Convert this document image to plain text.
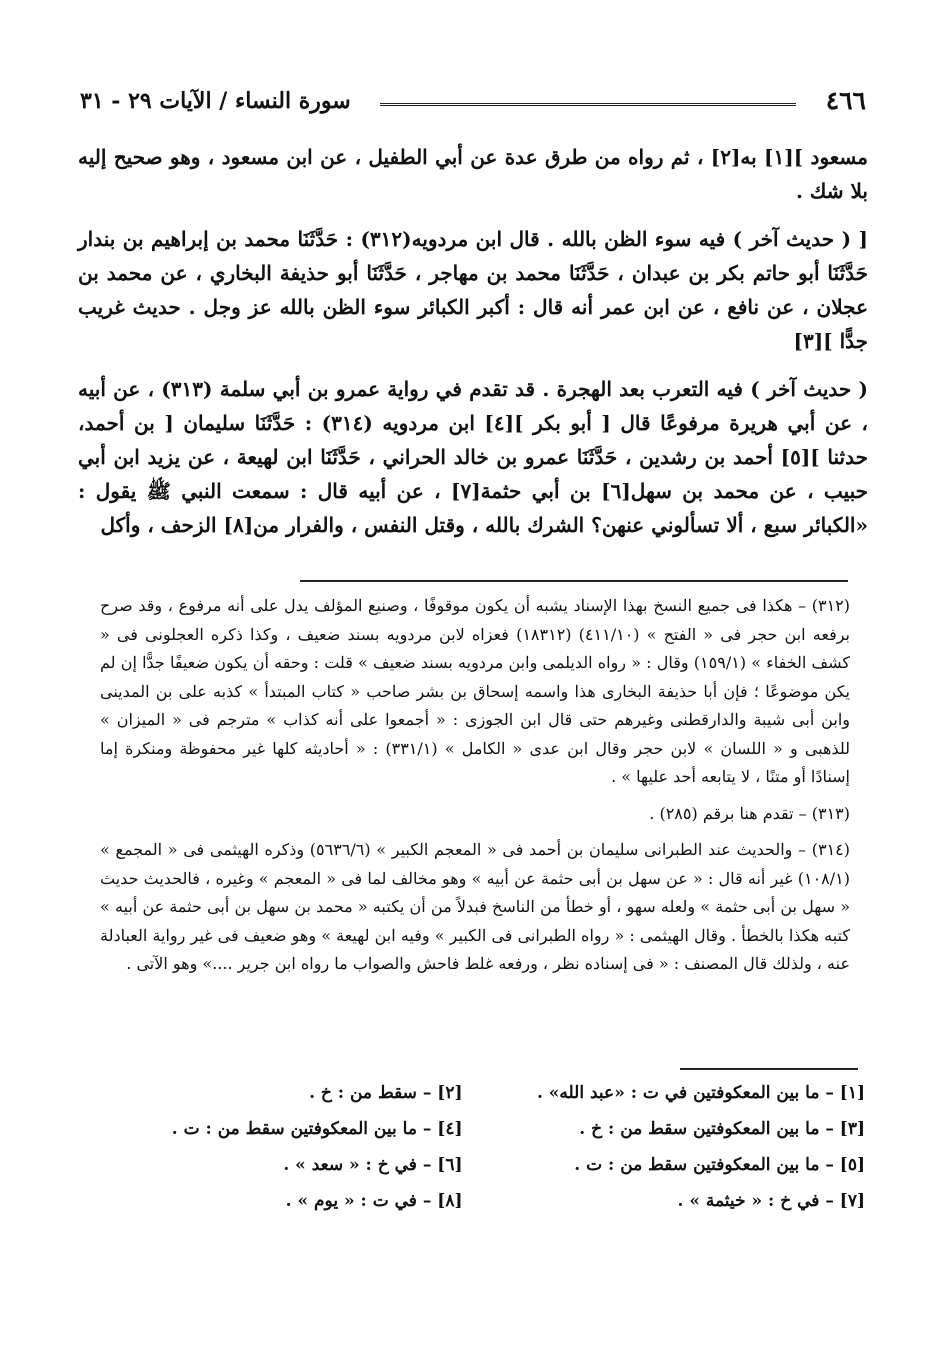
٤٦٦
سورة النساء / الآيات ٢٩ - ٣١

مسعود ][١] به[٢] ، ثم رواه من طرق عدة عن أبي الطفيل ، عن ابن مسعود ، وهو صحيح إليه بلا شك .

[ ( حديث آخر ) فيه سوء الظن بالله . قال ابن مردويه(٣١٢) : حَدَّثَنَا محمد بن إبراهيم بن بندار حَدَّثَنَا أبو حاتم بكر بن عبدان ، حَدَّثَنَا محمد بن مهاجر ، حَدَّثَنَا أبو حذيفة البخاري ، عن محمد بن عجلان ، عن نافع ، عن ابن عمر أنه قال : أكبر الكبائر سوء الظن بالله عز وجل . حديث غريب جدًّا ][٣]

( حديث آخر ) فيه التعرب بعد الهجرة . قد تقدم في رواية عمرو بن أبي سلمة (٣١٣) ، عن أبيه ، عن أبي هريرة مرفوعًا قال [ أبو بكر ][٤] ابن مردويه (٣١٤) : حَدَّثَنَا سليمان [ بن أحمد، حدثنا ][٥] أحمد بن رشدين ، حَدَّثَنَا عمرو بن خالد الحراني ، حَدَّثَنَا ابن لهيعة ، عن يزيد ابن أبي حبيب ، عن محمد بن سهل[٦] بن أبي حثمة[٧] ، عن أبيه قال : سمعت النبي ﷺ يقول : «الكبائر سبع ، ألا تسألوني عنهن؟ الشرك بالله ، وقتل النفس ، والفرار من[٨] الزحف ، وأكل

(٣١٢) – هكذا فى جميع النسخ بهذا الإسناد يشبه أن يكون موقوفًا ، وصنيع المؤلف يدل على أنه مرفوع ، وقد صرح برفعه ابن حجر فى « الفتح » (٤١١/١٠) (١٨٣١٢) فعزاه لابن مردويه بسند ضعيف ، وكذا ذكره العجلونى فى « كشف الخفاء » (١٥٩/١) وقال : « رواه الديلمى وابن مردويه بسند ضعيف » قلت : وحقه أن يكون ضعيفًا جدًّا إن لم يكن موضوعًا ؛ فإن أبا حذيفة البخارى هذا واسمه إسحاق بن بشر صاحب « كتاب المبتدأ » كذبه على بن المدينى وابن أبى شيبة والدارقطنى وغيرهم حتى قال ابن الجوزى : « أجمعوا على أنه كذاب » مترجم فى « الميزان » للذهبى و « اللسان » لابن حجر وقال ابن عدى « الكامل » (٣٣١/١) : « أحاديثه كلها غير محفوظة ومنكرة إما إسنادًا أو متنًا ، لا يتابعه أحد عليها » .

(٣١٣) – تقدم هنا برقم (٢٨٥) .

(٣١٤) – والحديث عند الطبرانى سليمان بن أحمد فى « المعجم الكبير » (٥٦٣٦/٦) وذكره الهيثمى فى « المجمع » (١٠٨/١) غير أنه قال : « عن سهل بن أبى حثمة عن أبيه » وهو مخالف لما فى « المعجم » وغيره ، فالحديث حديث « سهل بن أبى حثمة » ولعله سهو ، أو خطأ من الناسخ فبدلاً من أن يكتبه « محمد بن سهل بن أبى حثمة عن أبيه » كتبه هكذا بالخطأ . وقال الهيثمى : « رواه الطبرانى فى الكبير » وفيه ابن لهيعة » وهو ضعيف فى غير رواية العبادلة عنه ، ولذلك قال المصنف : « فى إسناده نظر ، ورفعه غلط فاحش والصواب ما رواه ابن جرير ....» وهو الآتى .

[١] – ما بين المعكوفتين في ت : «عبد الله» .
[٢] – سقط من : خ .
[٣] – ما بين المعكوفتين سقط من : خ .
[٤] – ما بين المعكوفتين سقط من : ت .
[٥] – ما بين المعكوفتين سقط من : ت .
[٦] – في خ : « سعد » .
[٧] – في خ : « خيثمة » .
[٨] – في ت : « يوم » .
